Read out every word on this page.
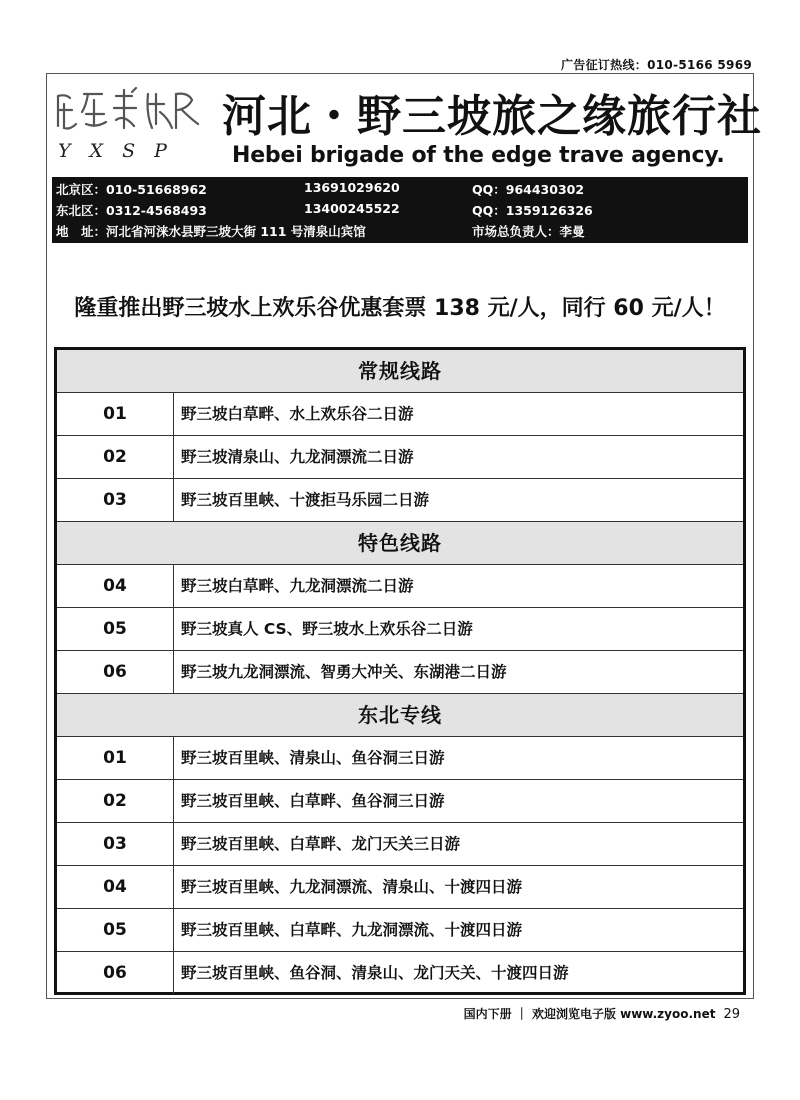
广告征订热线：010-5166 5969
YXSP
河北・野三坡旅之缘旅行社
Hebei brigade of the edge trave agency.
北京区：010-51668962	13691029620	QQ：964430302
东北区：0312-4568493	13400245522	QQ：1359126326
地　址：河北省河涞水县野三坡大街 111 号清泉山宾馆	市场总负责人：李曼
隆重推出野三坡水上欢乐谷优惠套票 138 元/人，同行 60 元/人！
常规线路
01	野三坡白草畔、水上欢乐谷二日游
02	野三坡清泉山、九龙洞漂流二日游
03	野三坡百里峡、十渡拒马乐园二日游
特色线路
04	野三坡白草畔、九龙洞漂流二日游
05	野三坡真人 CS、野三坡水上欢乐谷二日游
06	野三坡九龙洞漂流、智勇大冲关、东湖港二日游
东北专线
01	野三坡百里峡、清泉山、鱼谷洞三日游
02	野三坡百里峡、白草畔、鱼谷洞三日游
03	野三坡百里峡、白草畔、龙门天关三日游
04	野三坡百里峡、九龙洞漂流、清泉山、十渡四日游
05	野三坡百里峡、白草畔、九龙洞漂流、十渡四日游
06	野三坡百里峡、鱼谷洞、清泉山、龙门天关、十渡四日游
国内下册 ｜ 欢迎浏览电子版 www.zyoo.net 29
